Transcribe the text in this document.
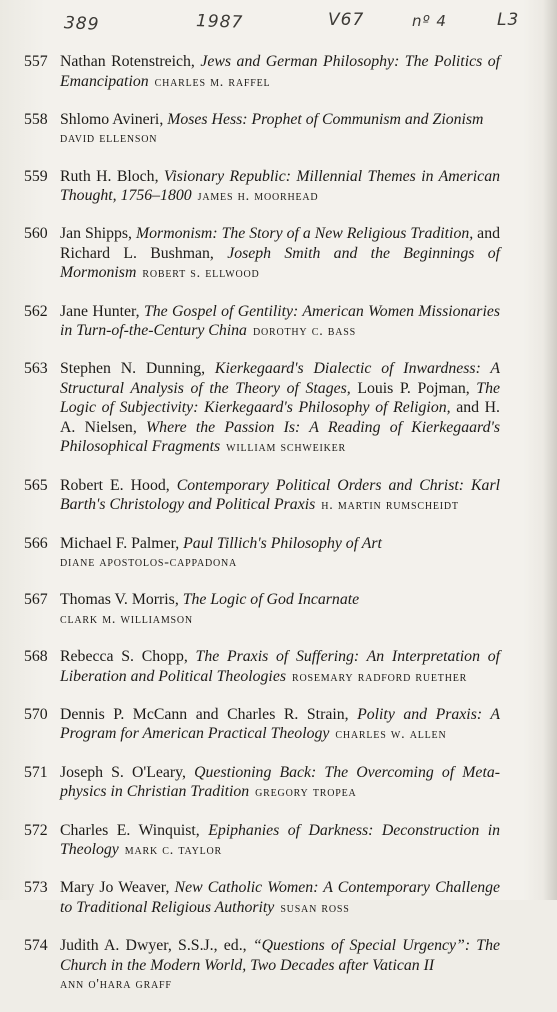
389	1987	V67	nº 4	L3
557 Nathan Rotenstreich, Jews and German Philosophy: The Politics of Emancipation charles m. raffel
558 Shlomo Avineri, Moses Hess: Prophet of Communism and Zionism
david ellenson
559 Ruth H. Bloch, Visionary Republic: Millennial Themes in American Thought, 1756–1800 james h. moorhead
560 Jan Shipps, Mormonism: The Story of a New Religious Tradition, and Richard L. Bushman, Joseph Smith and the Beginnings of Mormonism robert s. ellwood
562 Jane Hunter, The Gospel of Gentility: American Women Missionaries in Turn-of-the-Century China dorothy c. bass
563 Stephen N. Dunning, Kierkegaard's Dialectic of Inwardness: A Structural Analysis of the Theory of Stages, Louis P. Pojman, The Logic of Subjectivity: Kierkegaard's Philosophy of Religion, and H. A. Nielsen, Where the Passion Is: A Reading of Kierkegaard's Philosophical Fragments william schweiker
565 Robert E. Hood, Contemporary Political Orders and Christ: Karl Barth's Christology and Political Praxis h. martin rumscheidt
566 Michael F. Palmer, Paul Tillich's Philosophy of Art
diane apostolos-cappadona
567 Thomas V. Morris, The Logic of God Incarnate
clark m. williamson
568 Rebecca S. Chopp, The Praxis of Suffering: An Interpretation of Liberation and Political Theologies rosemary radford ruether
570 Dennis P. McCann and Charles R. Strain, Polity and Praxis: A Program for American Practical Theology charles w. allen
571 Joseph S. O'Leary, Questioning Back: The Overcoming of Metaphysics in Christian Tradition gregory tropea
572 Charles E. Winquist, Epiphanies of Darkness: Deconstruction in Theology mark c. taylor
573 Mary Jo Weaver, New Catholic Women: A Contemporary Challenge to Traditional Religious Authority susan ross
574 Judith A. Dwyer, S.S.J., ed., “Questions of Special Urgency”: The Church in the Modern World, Two Decades after Vatican II
ann o'hara graff
